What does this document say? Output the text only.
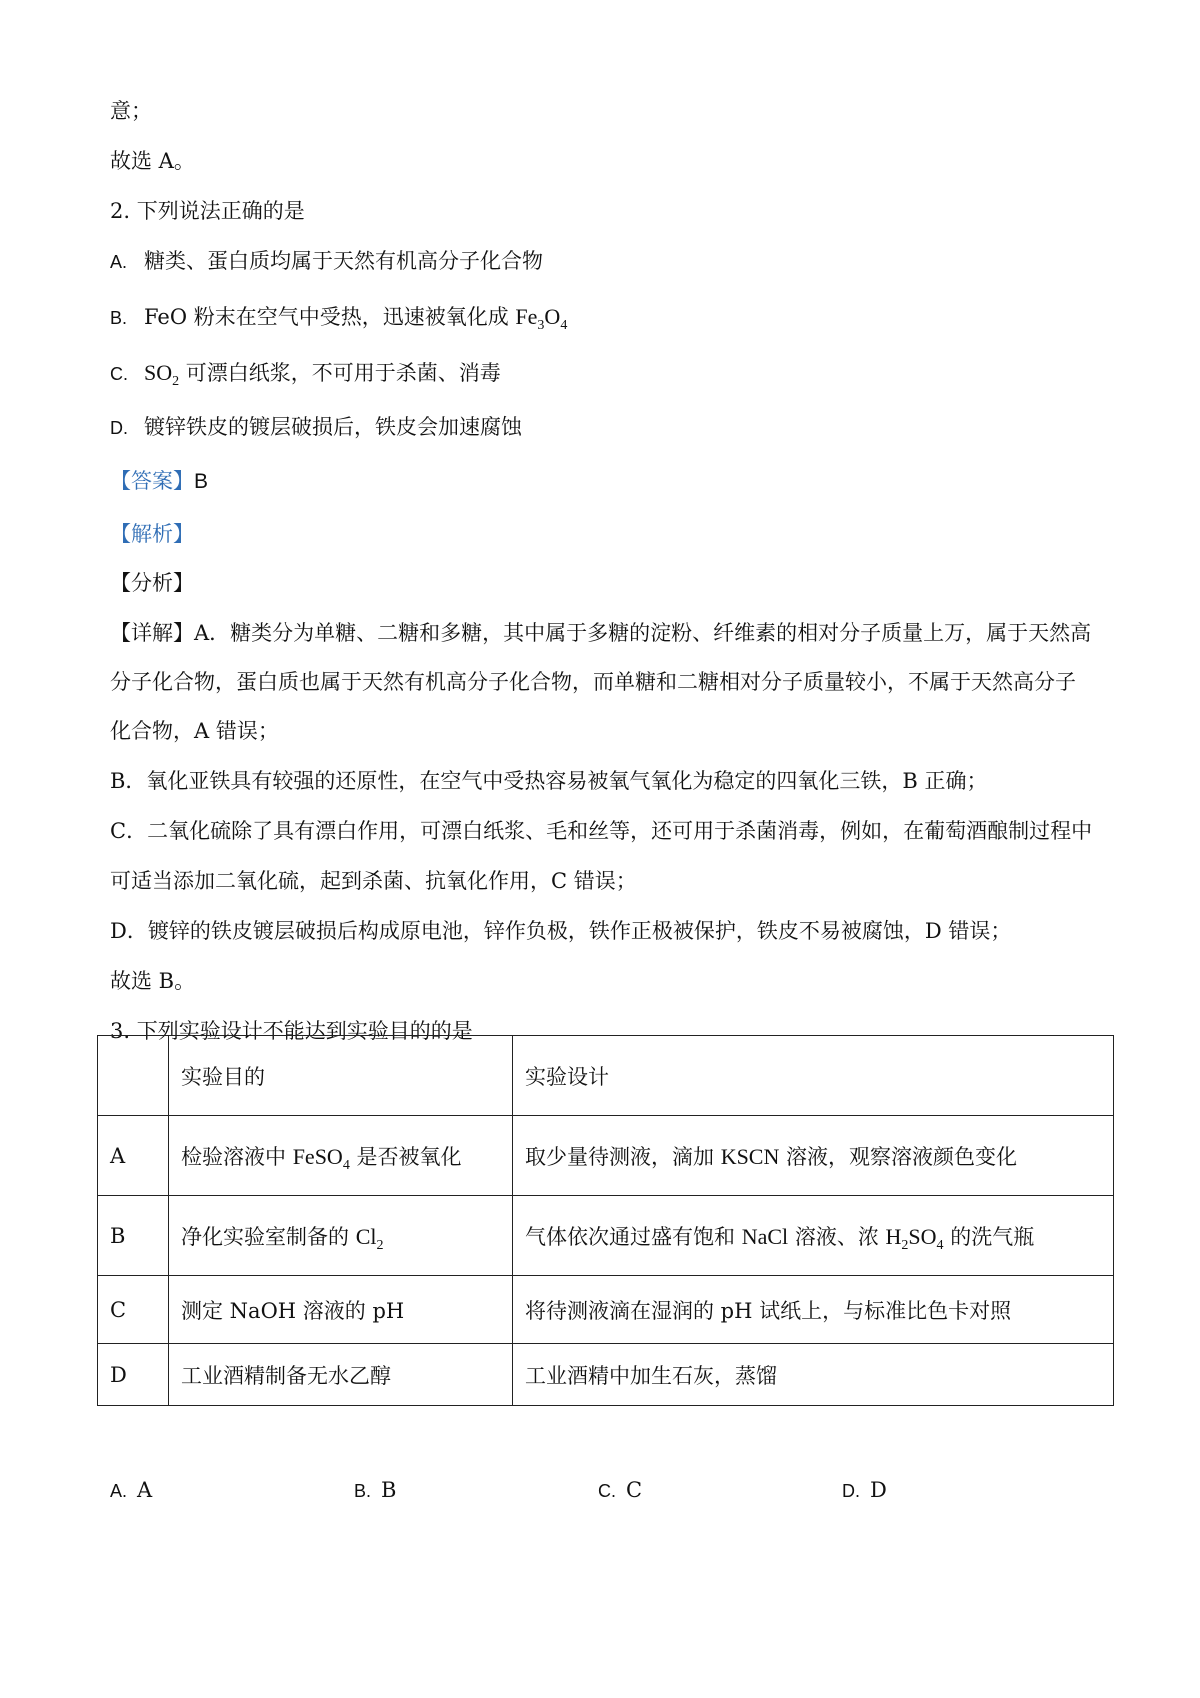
意；
故选 A。
2. 下列说法正确的是
A. 糖类、蛋白质均属于天然有机高分子化合物
B. FeO 粉末在空气中受热，迅速被氧化成 $Fe_3O_4$
C. $SO_2$ 可漂白纸浆，不可用于杀菌、消毒
D. 镀锌铁皮的镀层破损后，铁皮会加速腐蚀
【答案】B
【解析】
【分析】
【详解】A．糖类分为单糖、二糖和多糖，其中属于多糖的淀粉、纤维素的相对分子质量上万，属于天然高
分子化合物，蛋白质也属于天然有机高分子化合物，而单糖和二糖相对分子质量较小，不属于天然高分子
化合物，A 错误；
B．氧化亚铁具有较强的还原性，在空气中受热容易被氧气氧化为稳定的四氧化三铁，B 正确；
C．二氧化硫除了具有漂白作用，可漂白纸浆、毛和丝等，还可用于杀菌消毒，例如，在葡萄酒酿制过程中
可适当添加二氧化硫，起到杀菌、抗氧化作用，C 错误；
D．镀锌的铁皮镀层破损后构成原电池，锌作负极，铁作正极被保护，铁皮不易被腐蚀，D 错误；
故选 B。
3. 下列实验设计不能达到实验目的的是
	实验目的	实验设计
A	检验溶液中 FeSO$_4$ 是否被氧化	取少量待测液，滴加 KSCN 溶液，观察溶液颜色变化
B	净化实验室制备的 $Cl_2$	气体依次通过盛有饱和 NaCl 溶液、浓 $H_2SO_4$ 的洗气瓶
C	测定 NaOH 溶液的 pH	将待测液滴在湿润的 pH 试纸上，与标准比色卡对照
D	工业酒精制备无水乙醇	工业酒精中加生石灰，蒸馏
A. A	B. B	C. C	D. D
